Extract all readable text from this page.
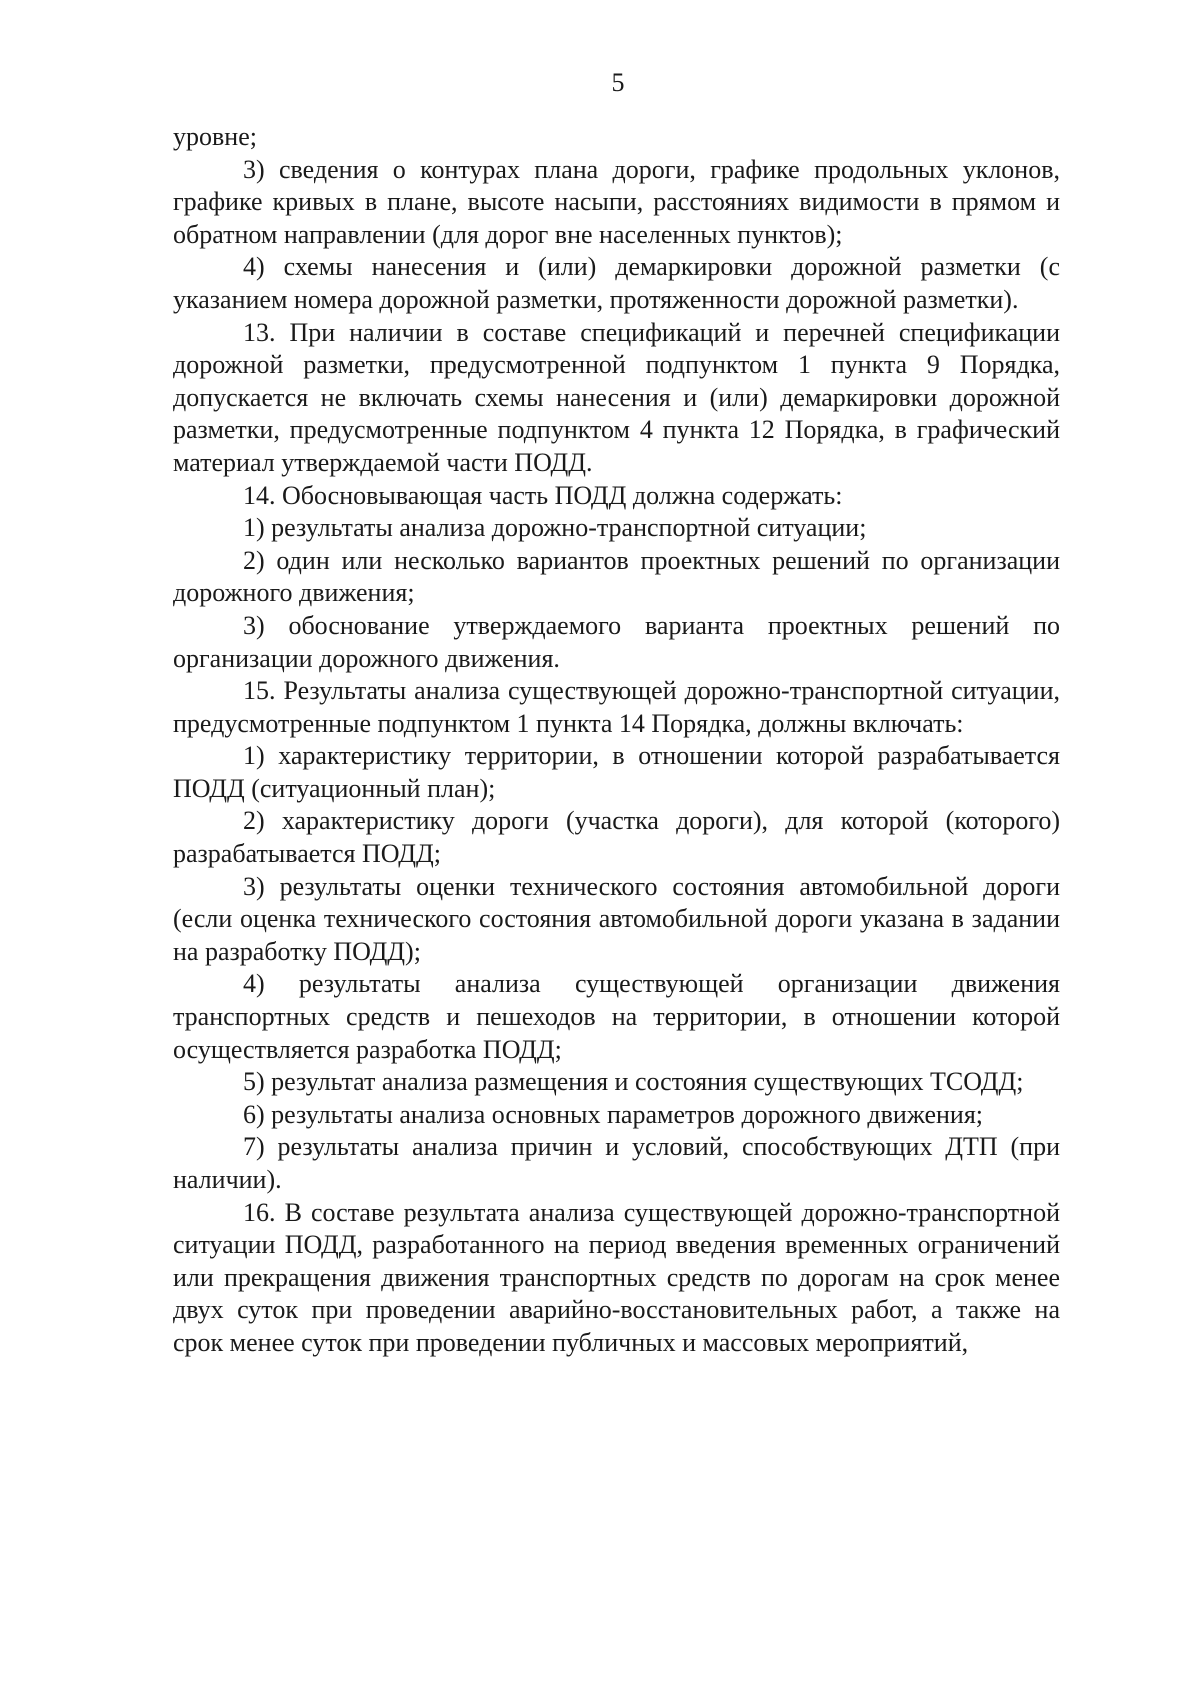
5

уровне;

3) сведения о контурах плана дороги, графике продольных уклонов, графике кривых в плане, высоте насыпи, расстояниях видимости в прямом и обратном направлении (для дорог вне населенных пунктов);

4) схемы нанесения и (или) демаркировки дорожной разметки (с указанием номера дорожной разметки, протяженности дорожной разметки).

13. При наличии в составе спецификаций и перечней спецификации дорожной разметки, предусмотренной подпунктом 1 пункта 9 Порядка, допускается не включать схемы нанесения и (или) демаркировки дорожной разметки, предусмотренные подпунктом 4 пункта 12 Порядка, в графический материал утверждаемой части ПОДД.

14. Обосновывающая часть ПОДД должна содержать:

1) результаты анализа дорожно-транспортной ситуации;

2) один или несколько вариантов проектных решений по организации дорожного движения;

3) обоснование утверждаемого варианта проектных решений по организации дорожного движения.

15. Результаты анализа существующей дорожно-транспортной ситуации, предусмотренные подпунктом 1 пункта 14 Порядка, должны включать:

1) характеристику территории, в отношении которой разрабатывается ПОДД (ситуационный план);

2) характеристику дороги (участка дороги), для которой (которого) разрабатывается ПОДД;

3) результаты оценки технического состояния автомобильной дороги (если оценка технического состояния автомобильной дороги указана в задании на разработку ПОДД);

4) результаты анализа существующей организации движения транспортных средств и пешеходов на территории, в отношении которой осуществляется разработка ПОДД;

5) результат анализа размещения и состояния существующих ТСОДД;

6) результаты анализа основных параметров дорожного движения;

7) результаты анализа причин и условий, способствующих ДТП (при наличии).

16. В составе результата анализа существующей дорожно-транспортной ситуации ПОДД, разработанного на период введения временных ограничений или прекращения движения транспортных средств по дорогам на срок менее двух суток при проведении аварийно-восстановительных работ, а также на срок менее суток при проведении публичных и массовых мероприятий,
